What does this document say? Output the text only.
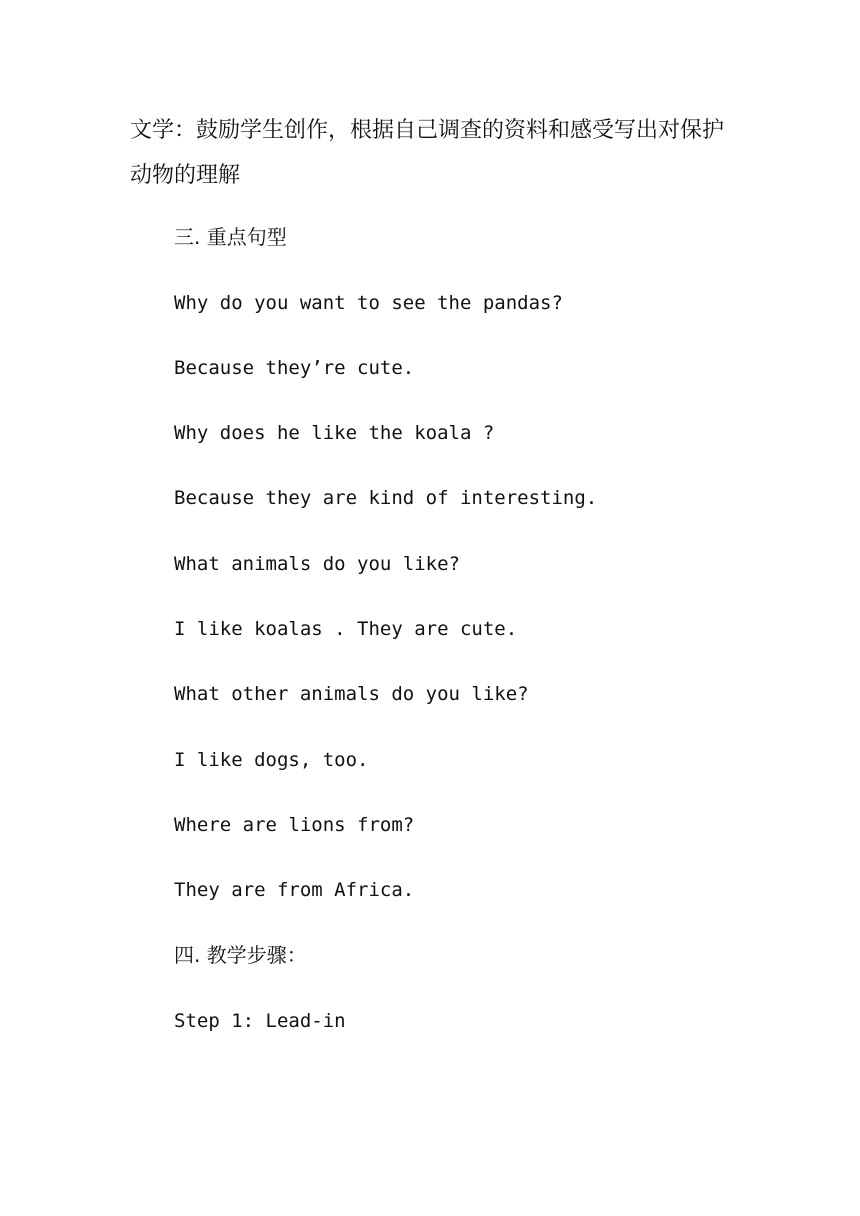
文学：鼓励学生创作，根据自己调查的资料和感受写出对保护动物的理解

三. 重点句型

Why do you want to see the pandas?

Because they’re cute.

Why does he like the koala ?

Because they are kind of interesting.

What animals do you like?

I like koalas . They are cute.

What other animals do you like?

I like dogs, too.

Where are lions from?

They are from Africa.

四. 教学步骤：

Step 1: Lead-in
